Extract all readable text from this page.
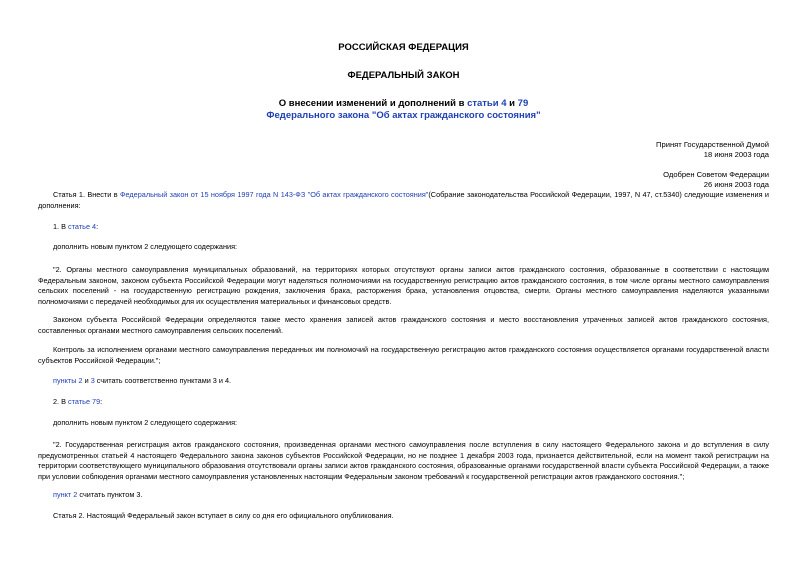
РОССИЙСКАЯ ФЕДЕРАЦИЯ
ФЕДЕРАЛЬНЫЙ ЗАКОН
О внесении изменений и дополнений в статьи 4 и 79
Федерального закона "Об актах гражданского состояния"
Принят Государственной Думой
18 июня 2003 года
Одобрен Советом Федерации
26 июня 2003 года
Статья 1. Внести в Федеральный закон от 15 ноября 1997 года N 143-ФЗ "Об актах гражданского состояния"(Собрание законодательства Российской Федерации, 1997, N 47, ст.5340) следующие изменения и дополнения:
1. В статье 4:
дополнить новым пунктом 2 следующего содержания:
"2. Органы местного самоуправления муниципальных образований, на территориях которых отсутствуют органы записи актов гражданского состояния, образованные в соответствии с настоящим Федеральным законом, законом субъекта Российской Федерации могут наделяться полномочиями на государственную регистрацию актов гражданского состояния, в том числе органы местного самоуправления сельских поселений - на государственную регистрацию рождения, заключения брака, расторжения брака, установления отцовства, смерти. Органы местного самоуправления наделяются указанными полномочиями с передачей необходимых для их осуществления материальных и финансовых средств.
Законом субъекта Российской Федерации определяются также место хранения записей актов гражданского состояния и место восстановления утраченных записей актов гражданского состояния, составленных органами местного самоуправления сельских поселений.
Контроль за исполнением органами местного самоуправления переданных им полномочий на государственную регистрацию актов гражданского состояния осуществляется органами государственной власти субъектов Российской Федерации.";
пункты 2 и 3 считать соответственно пунктами 3 и 4.
2. В статье 79:
дополнить новым пунктом 2 следующего содержания:
"2. Государственная регистрация актов гражданского состояния, произведенная органами местного самоуправления после вступления в силу настоящего Федерального закона и до вступления в силу предусмотренных статьей 4 настоящего Федерального закона законов субъектов Российской Федерации, но не позднее 1 декабря 2003 года, признается действительной, если на момент такой регистрации на территории соответствующего муниципального образования отсутствовали органы записи актов гражданского состояния, образованные органами государственной власти субъекта Российской Федерации, а также при условии соблюдения органами местного самоуправления установленных настоящим Федеральным законом требований к государственной регистрации актов гражданского состояния.";
пункт 2 считать пунктом 3.
Статья 2. Настоящий Федеральный закон вступает в силу со дня его официального опубликования.
